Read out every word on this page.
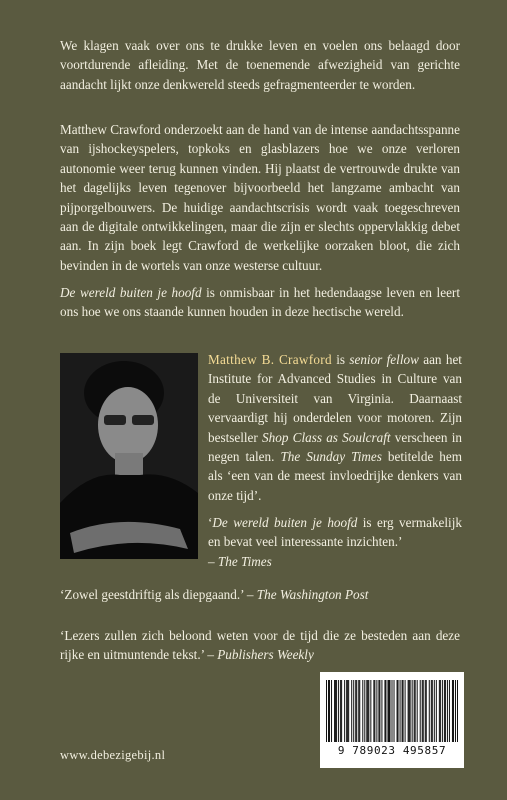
We klagen vaak over ons te drukke leven en voelen ons belaagd door voortdurende afleiding. Met de toenemende afwezigheid van gerichte aandacht lijkt onze denkwereld steeds gefragmenteerder te worden.

Matthew Crawford onderzoekt aan de hand van de intense aandachtsspanne van ijshockeyspelers, topkoks en glasblazers hoe we onze verloren autonomie weer terug kunnen vinden. Hij plaatst de vertrouwde drukte van het dagelijks leven tegenover bijvoorbeeld het langzame ambacht van pijporgelbouwers. De huidige aandachtscrisis wordt vaak toegeschreven aan de digitale ontwikkelingen, maar die zijn er slechts oppervlakkig debet aan. In zijn boek legt Crawford de werkelijke oorzaken bloot, die zich bevinden in de wortels van onze westerse cultuur.

De wereld buiten je hoofd is onmisbaar in het hedendaagse leven en leert ons hoe we ons staande kunnen houden in deze hectische wereld.

Matthew B. Crawford is senior fellow aan het Institute for Advanced Studies in Culture van de Universiteit van Virginia. Daarnaast vervaardigt hij onderdelen voor motoren. Zijn bestseller Shop Class as Soulcraft verscheen in negen talen. The Sunday Times betitelde hem als ‘een van de meest invloedrijke denkers van onze tijd’.

‘De wereld buiten je hoofd is erg vermakelijk en bevat veel interessante inzichten.’
– The Times

‘Zowel geestdriftig als diepgaand.’ – The Washington Post

‘Lezers zullen zich beloond weten voor de tijd die ze besteden aan deze rijke en uitmuntende tekst.’ – Publishers Weekly

9 789023 495857
www.debezigebij.nl
